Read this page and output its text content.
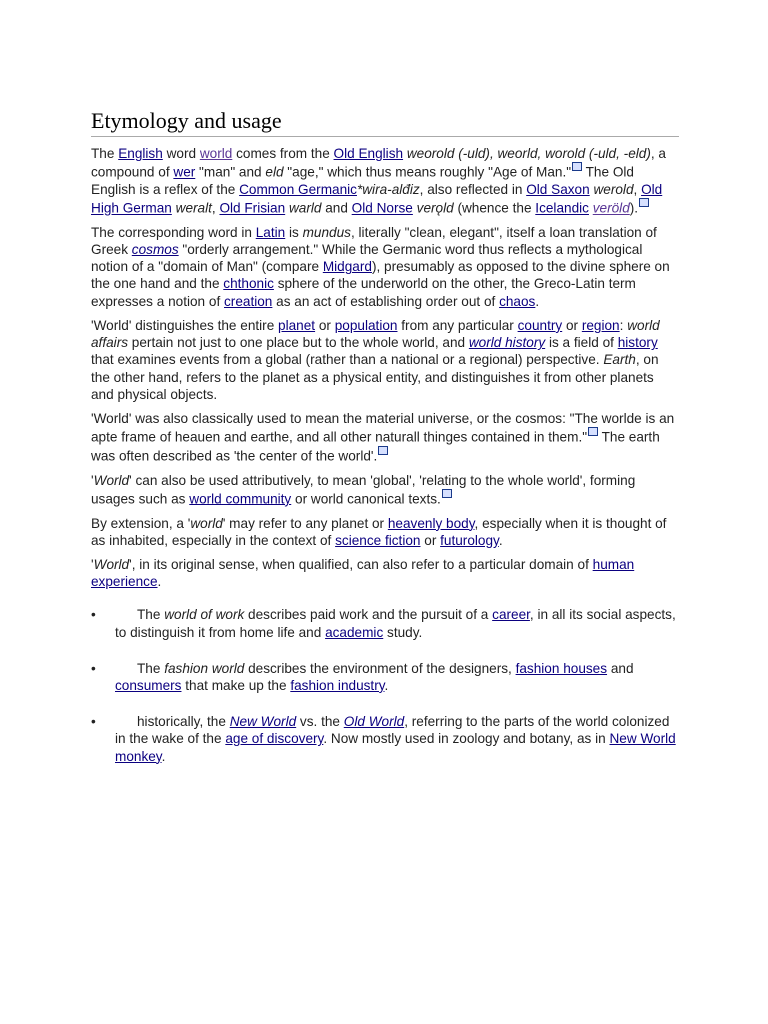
Etymology and usage

The English word world comes from the Old English weorold (-uld), weorld, worold (-uld, -eld), a compound of wer "man" and eld "age," which thus means roughly "Age of Man." The Old English is a reflex of the Common Germanic*wira-alđiz, also reflected in Old Saxon werold, Old High German weralt, Old Frisian warld and Old Norse verǫld (whence the Icelandic veröld).

The corresponding word in Latin is mundus, literally "clean, elegant", itself a loan translation of Greek cosmos "orderly arrangement." While the Germanic word thus reflects a mythological notion of a "domain of Man" (compare Midgard), presumably as opposed to the divine sphere on the one hand and the chthonic sphere of the underworld on the other, the Greco-Latin term expresses a notion of creation as an act of establishing order out of chaos.

'World' distinguishes the entire planet or population from any particular country or region: world affairs pertain not just to one place but to the whole world, and world history is a field of history that examines events from a global (rather than a national or a regional) perspective. Earth, on the other hand, refers to the planet as a physical entity, and distinguishes it from other planets and physical objects.

'World' was also classically used to mean the material universe, or the cosmos: "The worlde is an apte frame of heauen and earthe, and all other naturall thinges contained in them." The earth was often described as 'the center of the world'.

'World' can also be used attributively, to mean 'global', 'relating to the whole world', forming usages such as world community or world canonical texts.

By extension, a 'world' may refer to any planet or heavenly body, especially when it is thought of as inhabited, especially in the context of science fiction or futurology.

'World', in its original sense, when qualified, can also refer to a particular domain of human experience.

•	The world of work describes paid work and the pursuit of a career, in all its social aspects, to distinguish it from home life and academic study.
•	The fashion world describes the environment of the designers, fashion houses and consumers that make up the fashion industry.
•	historically, the New World vs. the Old World, referring to the parts of the world colonized in the wake of the age of discovery. Now mostly used in zoology and botany, as in New World monkey.
